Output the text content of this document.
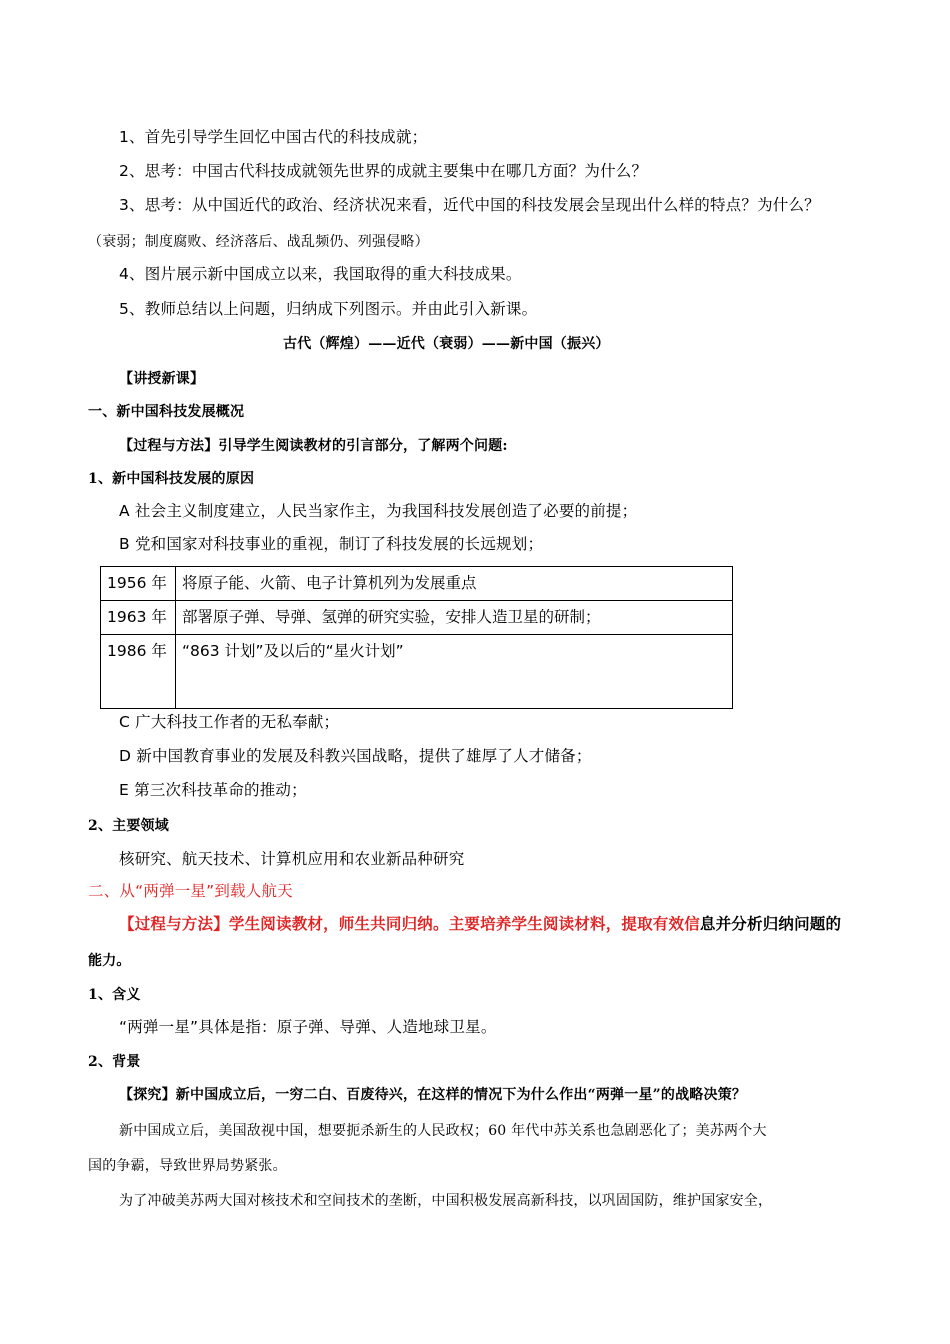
1、首先引导学生回忆中国古代的科技成就；
2、思考：中国古代科技成就领先世界的成就主要集中在哪几方面？为什么？
3、思考：从中国近代的政治、经济状况来看，近代中国的科技发展会呈现出什么样的特点？为什么？
（衰弱；制度腐败、经济落后、战乱频仍、列强侵略）
4、图片展示新中国成立以来，我国取得的重大科技成果。
5、教师总结以上问题，归纳成下列图示。并由此引入新课。
古代（辉煌）——近代（衰弱）——新中国（振兴）
【讲授新课】
一、新中国科技发展概况
【过程与方法】引导学生阅读教材的引言部分，了解两个问题:
1、新中国科技发展的原因
A 社会主义制度建立，人民当家作主，为我国科技发展创造了必要的前提；
B 党和国家对科技事业的重视，制订了科技发展的长远规划；
1956 年	将原子能、火箭、电子计算机列为发展重点
1963 年	部署原子弹、导弹、氢弹的研究实验，安排人造卫星的研制；
1986 年	“863 计划”及以后的“星火计划”
C 广大科技工作者的无私奉献；
D 新中国教育事业的发展及科教兴国战略，提供了雄厚了人才储备；
E 第三次科技革命的推动；
2、主要领域
核研究、航天技术、计算机应用和农业新品种研究
二、从“两弹一星”到载人航天
【过程与方法】学生阅读教材，师生共同归纳。主要培养学生阅读材料，提取有效信息并分析归纳问题的
能力。
1、含义
“两弹一星”具体是指：原子弹、导弹、人造地球卫星。
2、背景
【探究】新中国成立后，一穷二白、百废待兴，在这样的情况下为什么作出“两弹一星”的战略决策？
新中国成立后，美国敌视中国，想要扼杀新生的人民政权；60 年代中苏关系也急剧恶化了；美苏两个大
国的争霸，导致世界局势紧张。
为了冲破美苏两大国对核技术和空间技术的垄断，中国积极发展高新科技，以巩固国防，维护国家安全，
